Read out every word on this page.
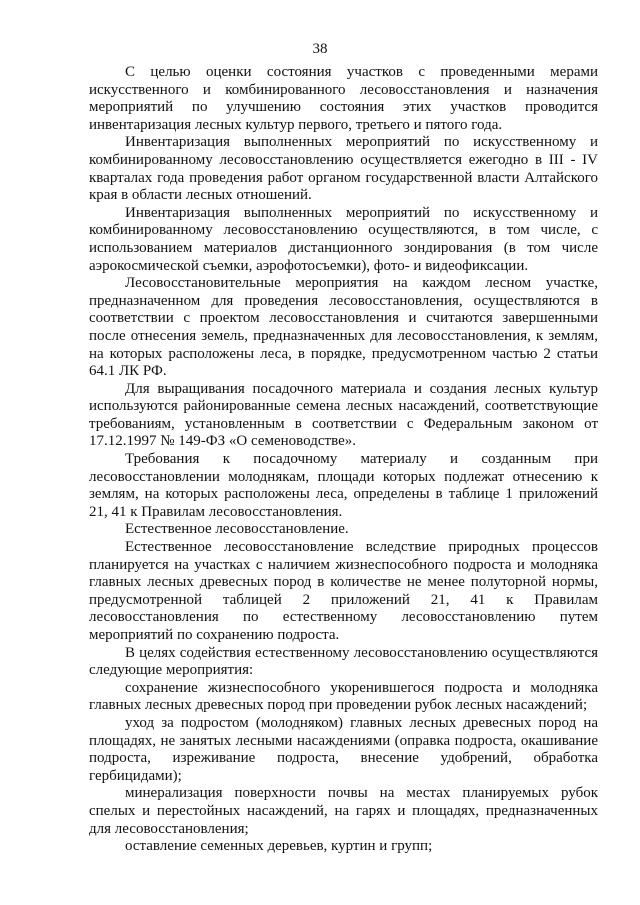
38

С целью оценки состояния участков с проведенными мерами искусственного и комбинированного лесовосстановления и назначения мероприятий по улучшению состояния этих участков проводится инвентаризация лесных культур первого, третьего и пятого года.

Инвентаризация выполненных мероприятий по искусственному и комбинированному лесовосстановлению осуществляется ежегодно в III - IV кварталах года проведения работ органом государственной власти Алтайского края в области лесных отношений.

Инвентаризация выполненных мероприятий по искусственному и комбинированному лесовосстановлению осуществляются, в том числе, с использованием материалов дистанционного зондирования (в том числе аэрокосмической съемки, аэрофотосъемки), фото- и видеофиксации.

Лесовосстановительные мероприятия на каждом лесном участке, предназначенном для проведения лесовосстановления, осуществляются в соответствии с проектом лесовосстановления и считаются завершенными после отнесения земель, предназначенных для лесовосстановления, к землям, на которых расположены леса, в порядке, предусмотренном частью 2 статьи 64.1 ЛК РФ.

Для выращивания посадочного материала и создания лесных культур используются районированные семена лесных насаждений, соответствующие требованиям, установленным в соответствии с Федеральным законом от 17.12.1997 № 149-ФЗ «О семеноводстве».

Требования к посадочному материалу и созданным при лесовосстановлении молоднякам, площади которых подлежат отнесению к землям, на которых расположены леса, определены в таблице 1 приложений 21, 41 к Правилам лесовосстановления.

Естественное лесовосстановление.

Естественное лесовосстановление вследствие природных процессов планируется на участках с наличием жизнеспособного подроста и молодняка главных лесных древесных пород в количестве не менее полуторной нормы, предусмотренной таблицей 2 приложений 21, 41 к Правилам лесовосстановления по естественному лесовосстановлению путем мероприятий по сохранению подроста.

В целях содействия естественному лесовосстановлению осуществляются следующие мероприятия:

сохранение жизнеспособного укоренившегося подроста и молодняка главных лесных древесных пород при проведении рубок лесных насаждений;

уход за подростом (молодняком) главных лесных древесных пород на площадях, не занятых лесными насаждениями (оправка подроста, окашивание подроста, изреживание подроста, внесение удобрений, обработка гербицидами);

минерализация поверхности почвы на местах планируемых рубок спелых и перестойных насаждений, на гарях и площадях, предназначенных для лесовосстановления;

оставление семенных деревьев, куртин и групп;
